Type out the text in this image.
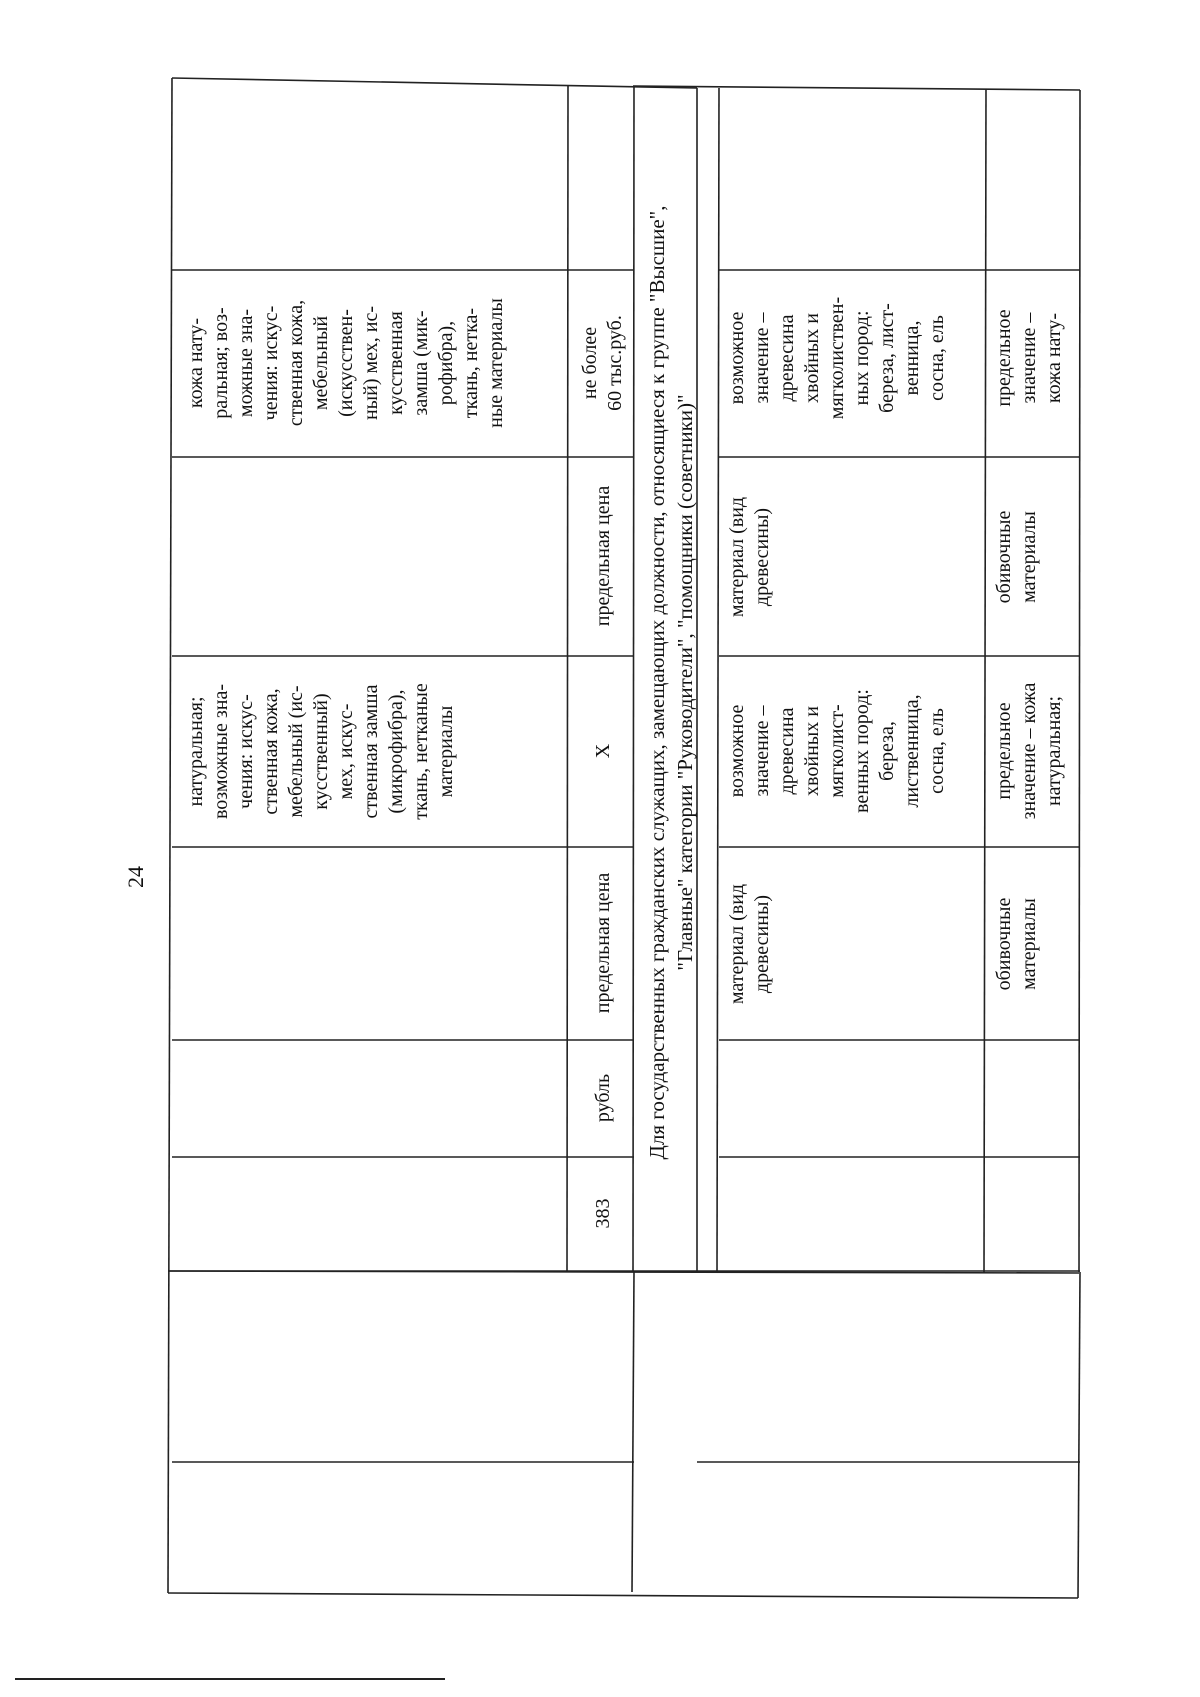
24
натуральная;
возможные зна-
чения: искус-
ственная кожа,
мебельный (ис-
кусственный)
мех, искус-
ственная замша
(микрофибра),
ткань, нетканые
материалы
кожа нату-
ральная; воз-
можные зна-
чения: искус-
ственная кожа,
мебельный
(искусствен-
ный) мех, ис-
кусственная
замша (мик-
рофибра),
ткань, нетка-
ные материалы
383
рубль
предельная цена
Х
предельная цена
не более
60 тыс.руб.
Для государственных гражданских служащих, замещающих должности, относящиеся к группе "Высшие",
"Главные" категории "Руководители", "помощники (советники)"
материал (вид
древесины)
возможное
значение –
древесина
хвойных и
мягколист-
венных пород:
береза,
лиственница,
сосна, ель
материал (вид
древесины)
возможное
значение –
древесина
хвойных и
мягколиствен-
ных пород:
береза, лист-
венница,
сосна, ель
обивочные
материалы
предельное
значение – кожа
натуральная;
обивочные
материалы
предельное
значение –
кожа нату-
